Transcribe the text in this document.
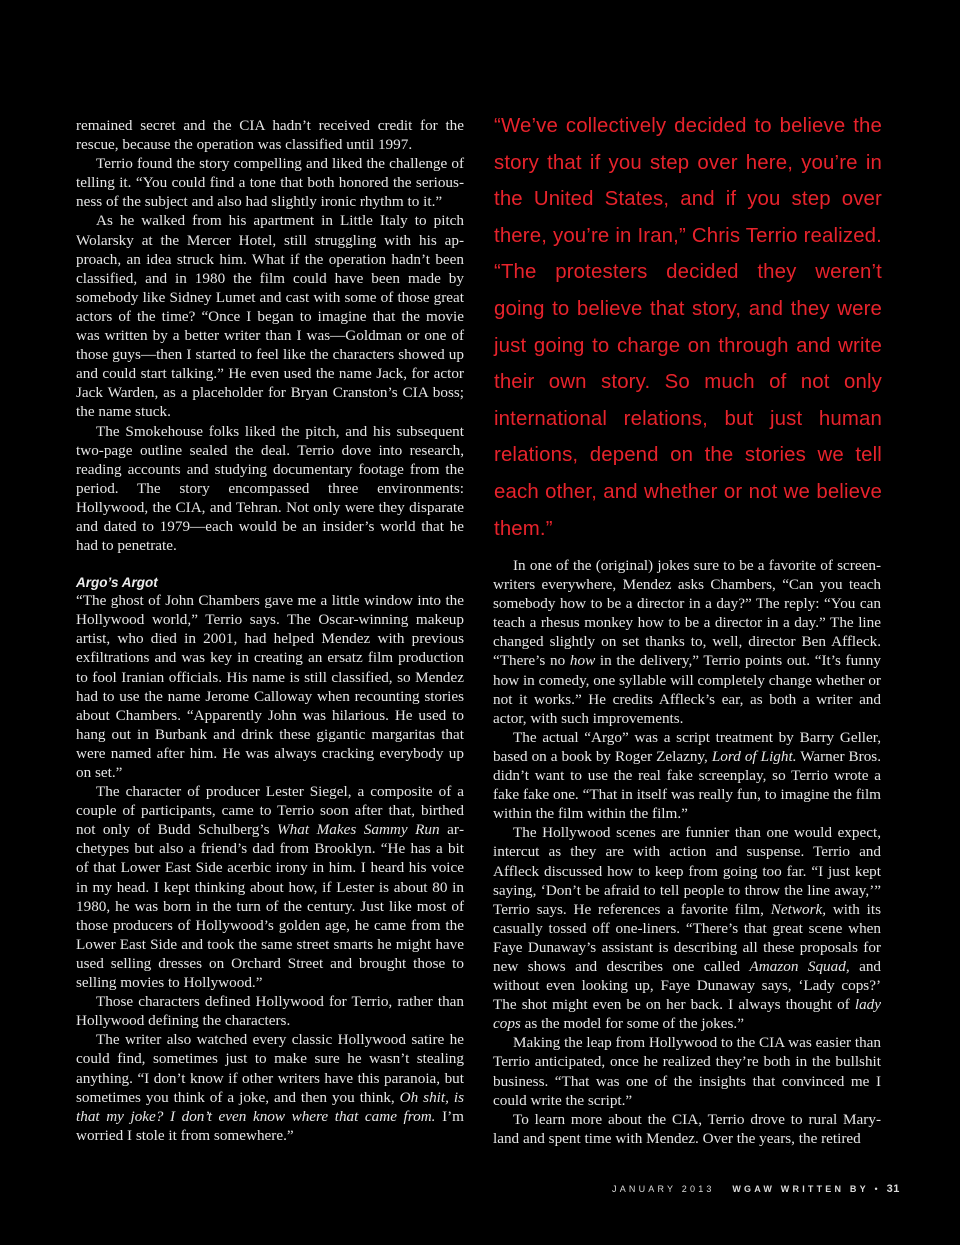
remained secret and the CIA hadn’t received credit for the rescue, because the operation was classified until 1997.

Terrio found the story compelling and liked the challenge of telling it. “You could find a tone that both honored the seriousness of the subject and also had slightly ironic rhythm to it.”

As he walked from his apartment in Little Italy to pitch Wolarsky at the Mercer Hotel, still struggling with his approach, an idea struck him. What if the operation hadn’t been classified, and in 1980 the film could have been made by somebody like Sidney Lumet and cast with some of those great actors of the time? “Once I began to imagine that the movie was written by a better writer than I was—Goldman or one of those guys—then I started to feel like the characters showed up and could start talking.” He even used the name Jack, for actor Jack Warden, as a placeholder for Bryan Cranston’s CIA boss; the name stuck.

The Smokehouse folks liked the pitch, and his subsequent two-page outline sealed the deal. Terrio dove into research, reading accounts and studying documentary footage from the period. The story encompassed three environments: Hollywood, the CIA, and Tehran. Not only were they disparate and dated to 1979—each would be an insider’s world that he had to penetrate.

Argo’s Argot

“The ghost of John Chambers gave me a little window into the Hollywood world,” Terrio says. The Oscar-winning makeup artist, who died in 2001, had helped Mendez with previous exfiltrations and was key in creating an ersatz film production to fool Iranian officials. His name is still classified, so Mendez had to use the name Jerome Calloway when recounting stories about Chambers. “Apparently John was hilarious. He used to hang out in Burbank and drink these gigantic margaritas that were named after him. He was always cracking everybody up on set.”

The character of producer Lester Siegel, a composite of a couple of participants, came to Terrio soon after that, birthed not only of Budd Schulberg’s What Makes Sammy Run archetypes but also a friend’s dad from Brooklyn. “He has a bit of that Lower East Side acerbic irony in him. I heard his voice in my head. I kept thinking about how, if Lester is about 80 in 1980, he was born in the turn of the century. Just like most of those producers of Hollywood’s golden age, he came from the Lower East Side and took the same street smarts he might have used selling dresses on Orchard Street and brought those to selling movies to Hollywood.”

Those characters defined Hollywood for Terrio, rather than Hollywood defining the characters.

The writer also watched every classic Hollywood satire he could find, sometimes just to make sure he wasn’t stealing anything. “I don’t know if other writers have this paranoia, but sometimes you think of a joke, and then you think, Oh shit, is that my joke? I don’t even know where that came from. I’m worried I stole it from somewhere.”

“We’ve collectively decided to believe the story that if you step over here, you’re in the United States, and if you step over there, you’re in Iran,” Chris Terrio realized. “The protesters decided they weren’t going to believe that story, and they were just going to charge on through and write their own story. So much of not only international relations, but just human relations, depend on the stories we tell each other, and whether or not we believe them.”

In one of the (original) jokes sure to be a favorite of screenwriters everywhere, Mendez asks Chambers, “Can you teach somebody how to be a director in a day?” The reply: “You can teach a rhesus monkey how to be a director in a day.” The line changed slightly on set thanks to, well, director Ben Affleck. “There’s no how in the delivery,” Terrio points out. “It’s funny how in comedy, one syllable will completely change whether or not it works.” He credits Affleck’s ear, as both a writer and actor, with such improvements.

The actual “Argo” was a script treatment by Barry Geller, based on a book by Roger Zelazny, Lord of Light. Warner Bros. didn’t want to use the real fake screenplay, so Terrio wrote a fake fake one. “That in itself was really fun, to imagine the film within the film within the film.”

The Hollywood scenes are funnier than one would expect, intercut as they are with action and suspense. Terrio and Affleck discussed how to keep from going too far. “I just kept saying, ‘Don’t be afraid to tell people to throw the line away,’” Terrio says. He references a favorite film, Network, with its casually tossed off one-liners. “There’s that great scene when Faye Dunaway’s assistant is describing all these proposals for new shows and describes one called Amazon Squad, and without even looking up, Faye Dunaway says, ‘Lady cops?’ The shot might even be on her back. I always thought of lady cops as the model for some of the jokes.”

Making the leap from Hollywood to the CIA was easier than Terrio anticipated, once he realized they’re both in the bullshit business. “That was one of the insights that convinced me I could write the script.”

To learn more about the CIA, Terrio drove to rural Maryland and spent time with Mendez. Over the years, the retired

JANUARY 2013 WGAW WRITTEN BY • 31
